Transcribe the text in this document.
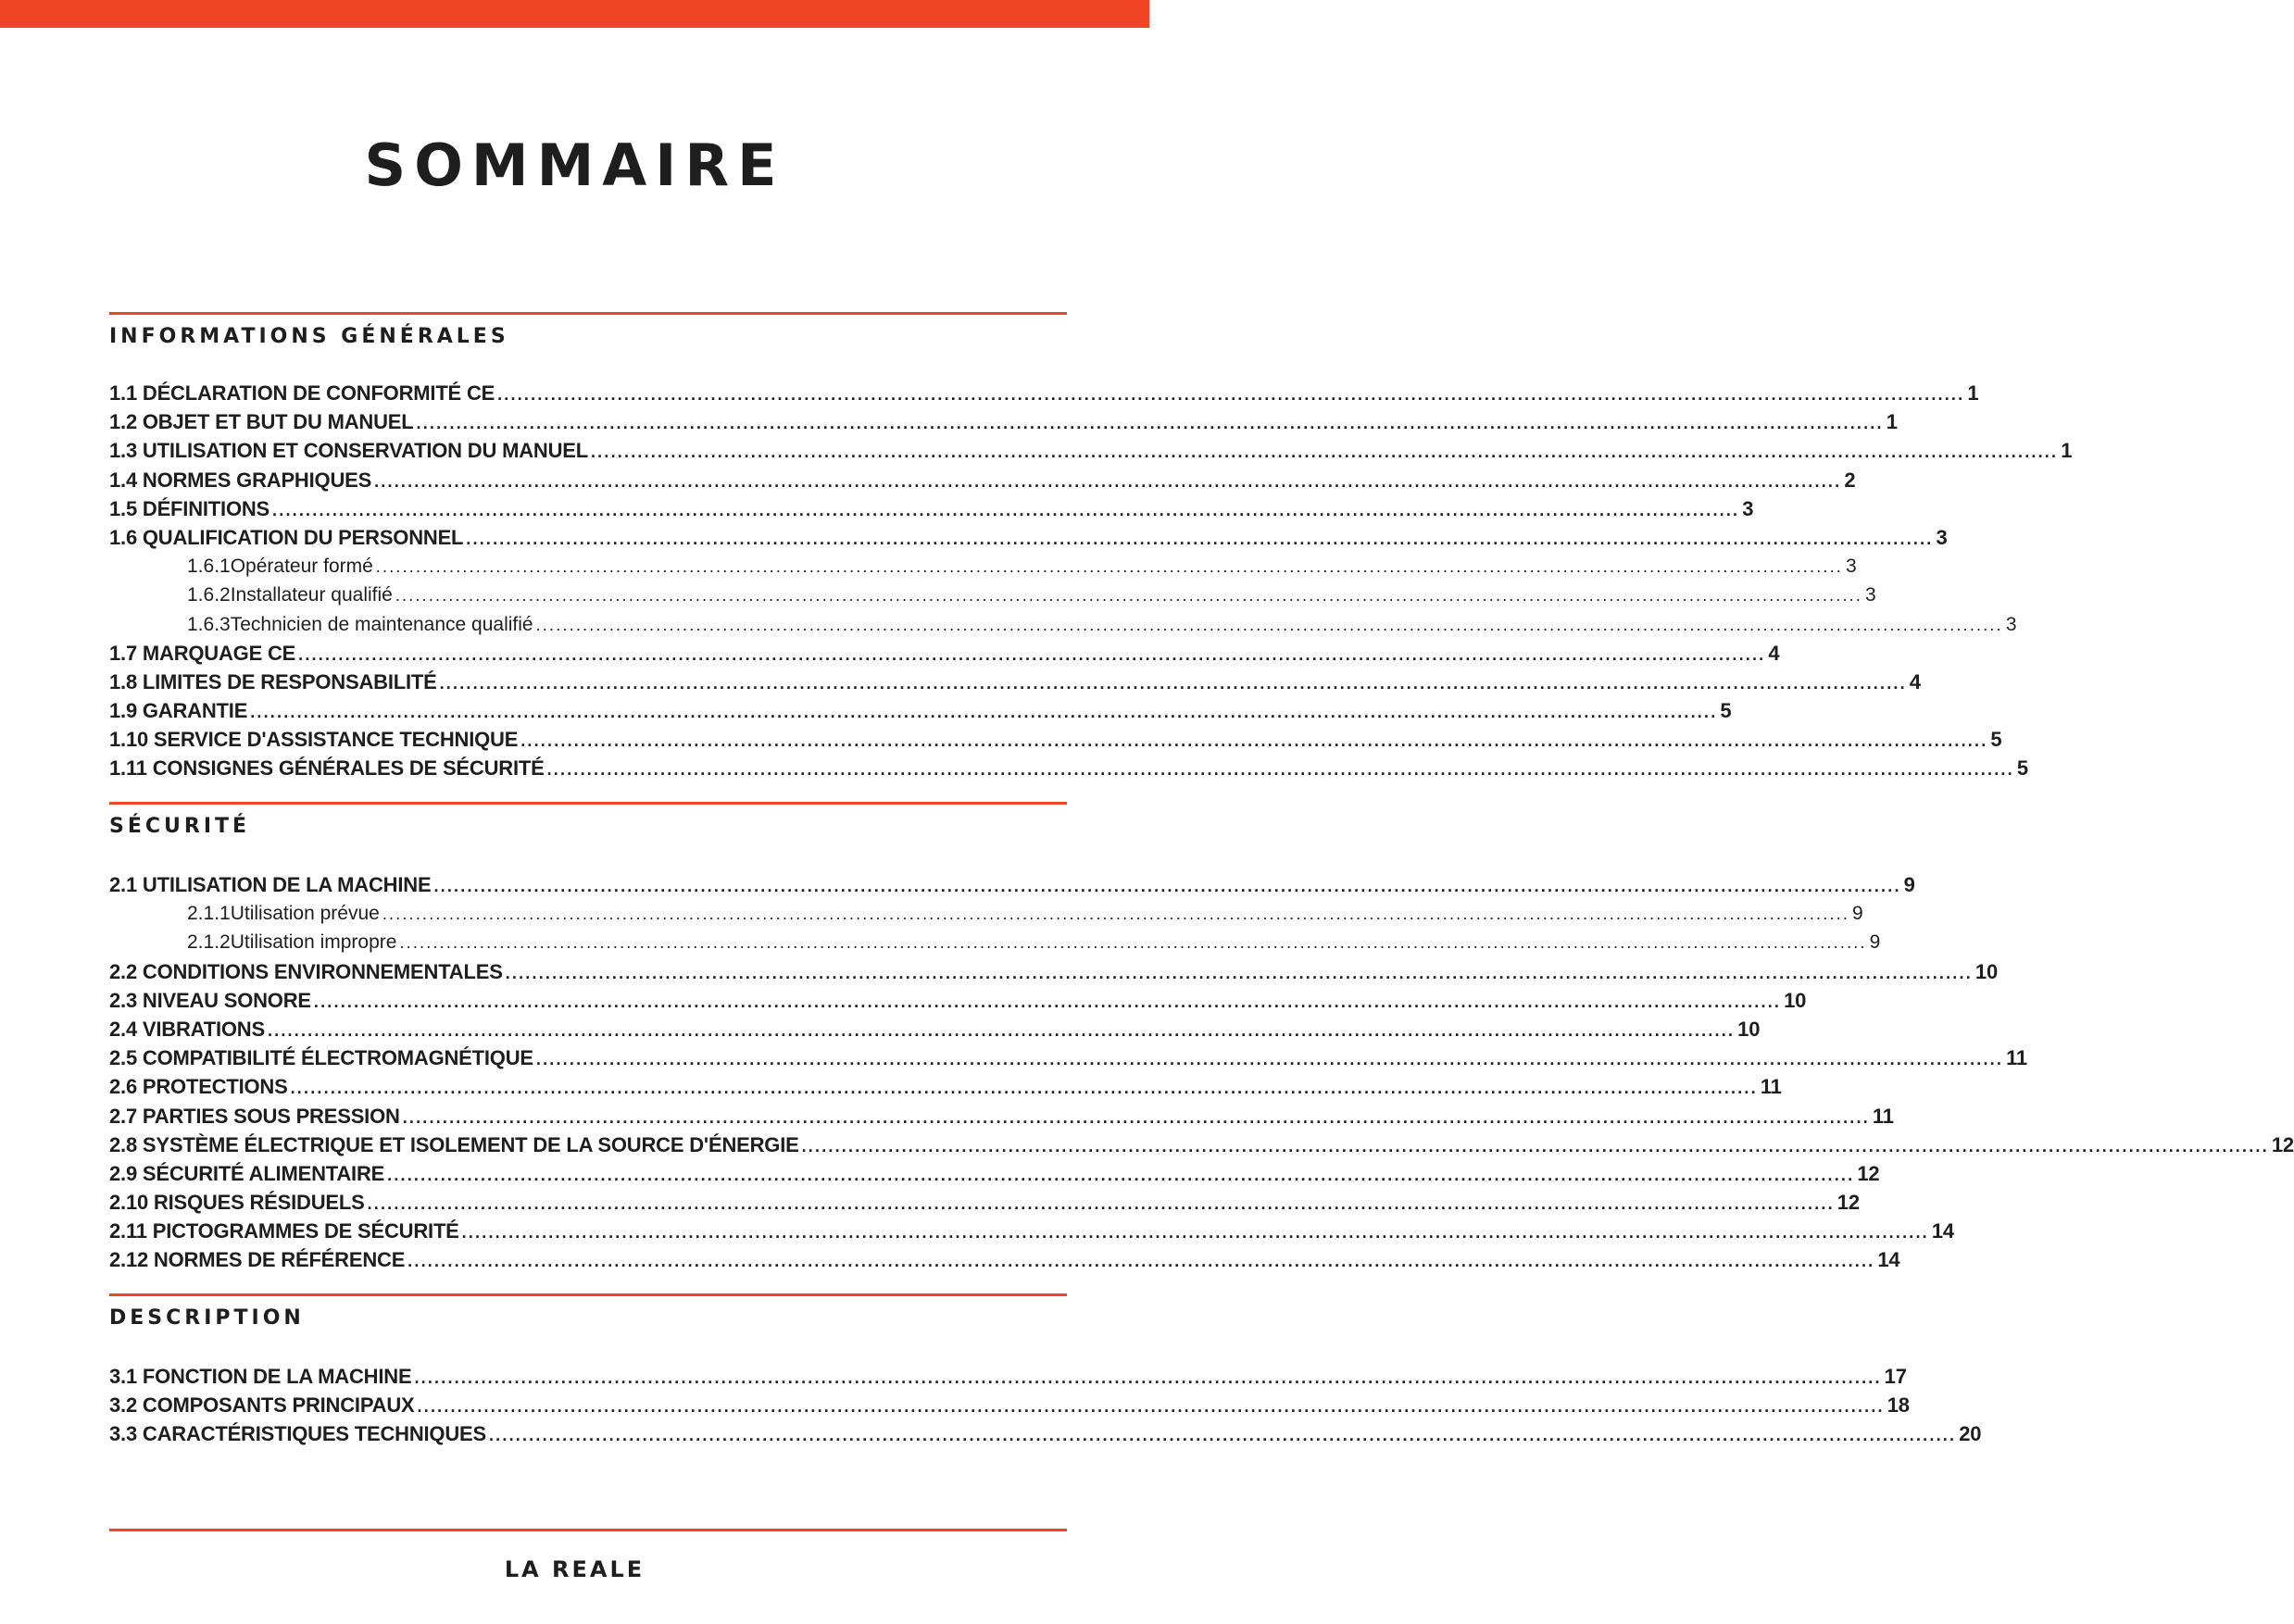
SOMMAIRE
INFORMATIONS GÉNÉRALES
1.1 DÉCLARATION DE CONFORMITÉ CE ............................................................................................................................................................................................................................ 1
1.2 OBJET ET BUT DU MANUEL ............................................................................................................................................................................................................................ 1
1.3 UTILISATION ET CONSERVATION DU MANUEL ............................................................................................................................................................................................................................ 1
1.4 NORMES GRAPHIQUES ............................................................................................................................................................................................................................ 2
1.5 DÉFINITIONS ............................................................................................................................................................................................................................ 3
1.6 QUALIFICATION DU PERSONNEL ............................................................................................................................................................................................................................ 3
1.6.1 Opérateur formé ............................................................................................................................................................................................................................ 3
1.6.2 Installateur qualifié ............................................................................................................................................................................................................................ 3
1.6.3 Technicien de maintenance qualifié ............................................................................................................................................................................................................................ 3
1.7 MARQUAGE CE ............................................................................................................................................................................................................................ 4
1.8 LIMITES DE RESPONSABILITÉ ............................................................................................................................................................................................................................ 4
1.9 GARANTIE ............................................................................................................................................................................................................................ 5
1.10 SERVICE D'ASSISTANCE TECHNIQUE ............................................................................................................................................................................................................................ 5
1.11 CONSIGNES GÉNÉRALES DE SÉCURITÉ ............................................................................................................................................................................................................................ 5
SÉCURITÉ
2.1 UTILISATION DE LA MACHINE ............................................................................................................................................................................................................................ 9
2.1.1 Utilisation prévue ............................................................................................................................................................................................................................ 9
2.1.2 Utilisation impropre ............................................................................................................................................................................................................................ 9
2.2 CONDITIONS ENVIRONNEMENTALES ............................................................................................................................................................................................................................ 10
2.3 NIVEAU SONORE ............................................................................................................................................................................................................................ 10
2.4 VIBRATIONS ............................................................................................................................................................................................................................ 10
2.5 COMPATIBILITÉ ÉLECTROMAGNÉTIQUE ............................................................................................................................................................................................................................ 11
2.6 PROTECTIONS ............................................................................................................................................................................................................................ 11
2.7 PARTIES SOUS PRESSION ............................................................................................................................................................................................................................ 11
2.8 SYSTÈME ÉLECTRIQUE ET ISOLEMENT DE LA SOURCE D'ÉNERGIE ............................................................................................................................................................................................................................ 12
2.9 SÉCURITÉ ALIMENTAIRE ............................................................................................................................................................................................................................ 12
2.10 RISQUES RÉSIDUELS ............................................................................................................................................................................................................................ 12
2.11 PICTOGRAMMES DE SÉCURITÉ ............................................................................................................................................................................................................................ 14
2.12 NORMES DE RÉFÉRENCE ............................................................................................................................................................................................................................ 14
DESCRIPTION
3.1 FONCTION DE LA MACHINE ............................................................................................................................................................................................................................ 17
3.2 COMPOSANTS PRINCIPAUX ............................................................................................................................................................................................................................ 18
3.3 CARACTÉRISTIQUES TECHNIQUES ............................................................................................................................................................................................................................ 20
LA REALE
